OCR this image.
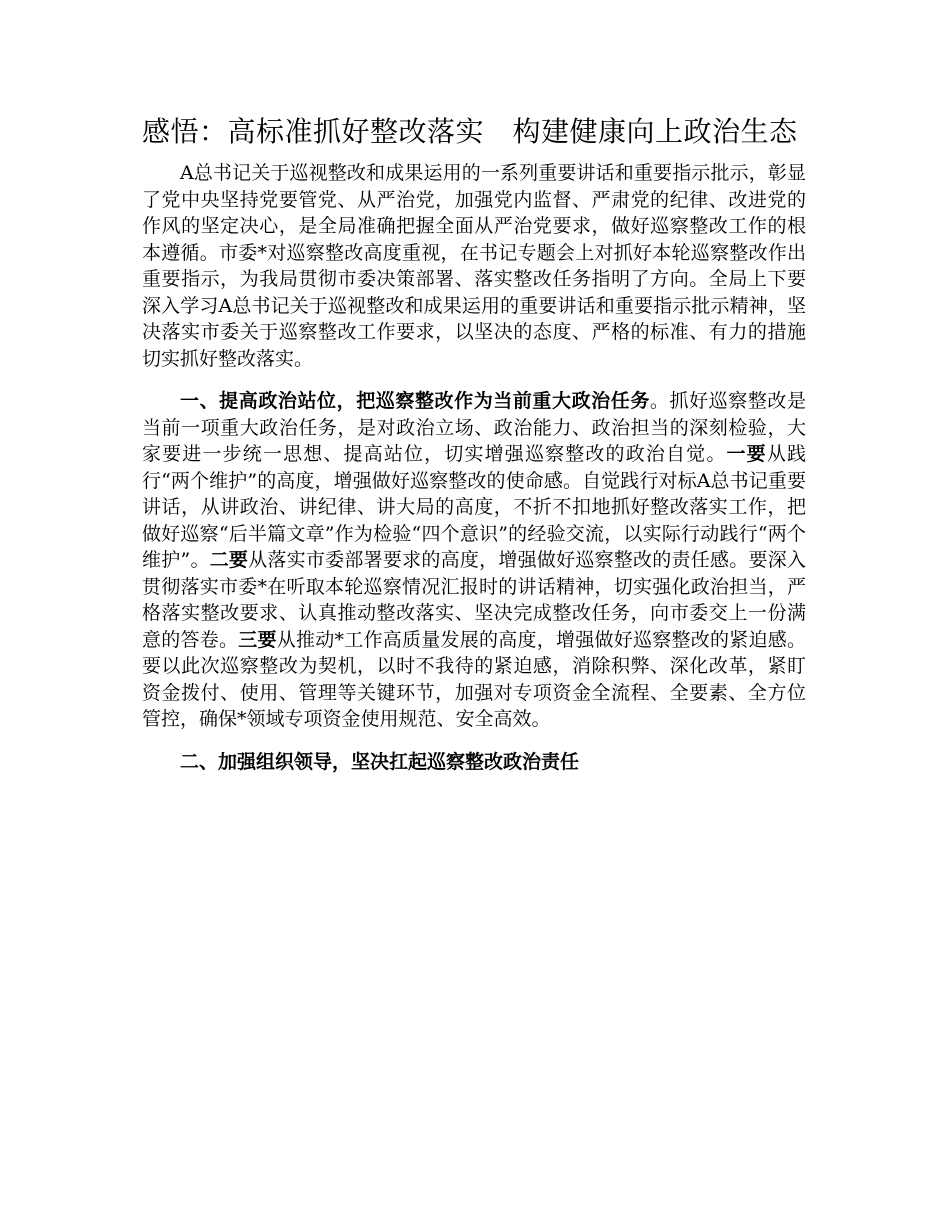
感悟：高标准抓好整改落实　构建健康向上政治生态

A总书记关于巡视整改和成果运用的一系列重要讲话和重要指示批示，彰显了党中央坚持党要管党、从严治党，加强党内监督、严肃党的纪律、改进党的作风的坚定决心，是全局准确把握全面从严治党要求，做好巡察整改工作的根本遵循。市委*对巡察整改高度重视，在书记专题会上对抓好本轮巡察整改作出重要指示，为我局贯彻市委决策部署、落实整改任务指明了方向。全局上下要深入学习A总书记关于巡视整改和成果运用的重要讲话和重要指示批示精神，坚决落实市委关于巡察整改工作要求，以坚决的态度、严格的标准、有力的措施切实抓好整改落实。

一、提高政治站位，把巡察整改作为当前重大政治任务。抓好巡察整改是当前一项重大政治任务，是对政治立场、政治能力、政治担当的深刻检验，大家要进一步统一思想、提高站位，切实增强巡察整改的政治自觉。一要从践行“两个维护”的高度，增强做好巡察整改的使命感。自觉践行对标A总书记重要讲话，从讲政治、讲纪律、讲大局的高度，不折不扣地抓好整改落实工作，把做好巡察“后半篇文章”作为检验“四个意识”的经验交流，以实际行动践行“两个维护”。二要从落实市委部署要求的高度，增强做好巡察整改的责任感。要深入贯彻落实市委*在听取本轮巡察情况汇报时的讲话精神，切实强化政治担当，严格落实整改要求、认真推动整改落实、坚决完成整改任务，向市委交上一份满意的答卷。三要从推动*工作高质量发展的高度，增强做好巡察整改的紧迫感。要以此次巡察整改为契机，以时不我待的紧迫感，消除积弊、深化改革，紧盯资金拨付、使用、管理等关键环节，加强对专项资金全流程、全要素、全方位管控，确保*领域专项资金使用规范、安全高效。

二、加强组织领导，坚决扛起巡察整改政治责任
